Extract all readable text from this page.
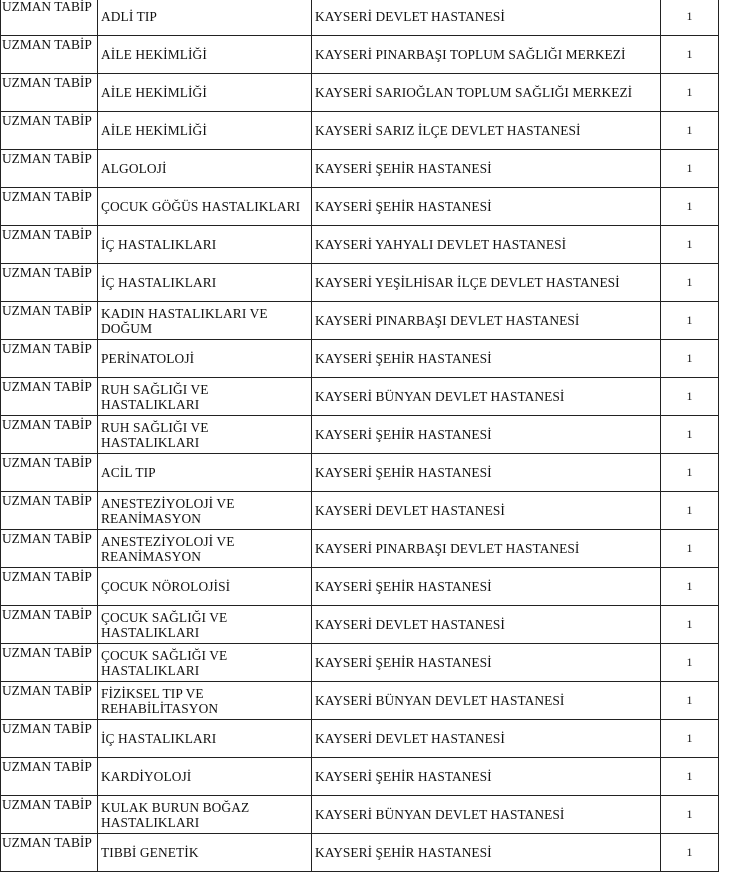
UZMAN TABİP	ADLİ TIP	KAYSERİ DEVLET HASTANESİ	1
UZMAN TABİP	AİLE HEKİMLİĞİ	KAYSERİ PINARBAŞI TOPLUM SAĞLIĞI MERKEZİ	1
UZMAN TABİP	AİLE HEKİMLİĞİ	KAYSERİ SARIOĞLAN TOPLUM SAĞLIĞI MERKEZİ	1
UZMAN TABİP	AİLE HEKİMLİĞİ	KAYSERİ SARIZ İLÇE DEVLET HASTANESİ	1
UZMAN TABİP	ALGOLOJİ	KAYSERİ ŞEHİR HASTANESİ	1
UZMAN TABİP	ÇOCUK GÖĞÜS HASTALIKLARI	KAYSERİ ŞEHİR HASTANESİ	1
UZMAN TABİP	İÇ HASTALIKLARI	KAYSERİ YAHYALI DEVLET HASTANESİ	1
UZMAN TABİP	İÇ HASTALIKLARI	KAYSERİ YEŞİLHİSAR İLÇE DEVLET HASTANESİ	1
UZMAN TABİP	KADIN HASTALIKLARI VE DOĞUM	KAYSERİ PINARBAŞI DEVLET HASTANESİ	1
UZMAN TABİP	PERİNATOLOJİ	KAYSERİ ŞEHİR HASTANESİ	1
UZMAN TABİP	RUH SAĞLIĞI VE HASTALIKLARI	KAYSERİ BÜNYAN DEVLET HASTANESİ	1
UZMAN TABİP	RUH SAĞLIĞI VE HASTALIKLARI	KAYSERİ ŞEHİR HASTANESİ	1
UZMAN TABİP	ACİL TIP	KAYSERİ ŞEHİR HASTANESİ	1
UZMAN TABİP	ANESTEZİYOLOJİ VE REANİMASYON	KAYSERİ DEVLET HASTANESİ	1
UZMAN TABİP	ANESTEZİYOLOJİ VE REANİMASYON	KAYSERİ PINARBAŞI DEVLET HASTANESİ	1
UZMAN TABİP	ÇOCUK NÖROLOJİSİ	KAYSERİ ŞEHİR HASTANESİ	1
UZMAN TABİP	ÇOCUK SAĞLIĞI VE HASTALIKLARI	KAYSERİ DEVLET HASTANESİ	1
UZMAN TABİP	ÇOCUK SAĞLIĞI VE HASTALIKLARI	KAYSERİ ŞEHİR HASTANESİ	1
UZMAN TABİP	FİZİKSEL TIP VE REHABİLİTASYON	KAYSERİ BÜNYAN DEVLET HASTANESİ	1
UZMAN TABİP	İÇ HASTALIKLARI	KAYSERİ DEVLET HASTANESİ	1
UZMAN TABİP	KARDİYOLOJİ	KAYSERİ ŞEHİR HASTANESİ	1
UZMAN TABİP	KULAK BURUN BOĞAZ HASTALIKLARI	KAYSERİ BÜNYAN DEVLET HASTANESİ	1
UZMAN TABİP	TIBBİ GENETİK	KAYSERİ ŞEHİR HASTANESİ	1
